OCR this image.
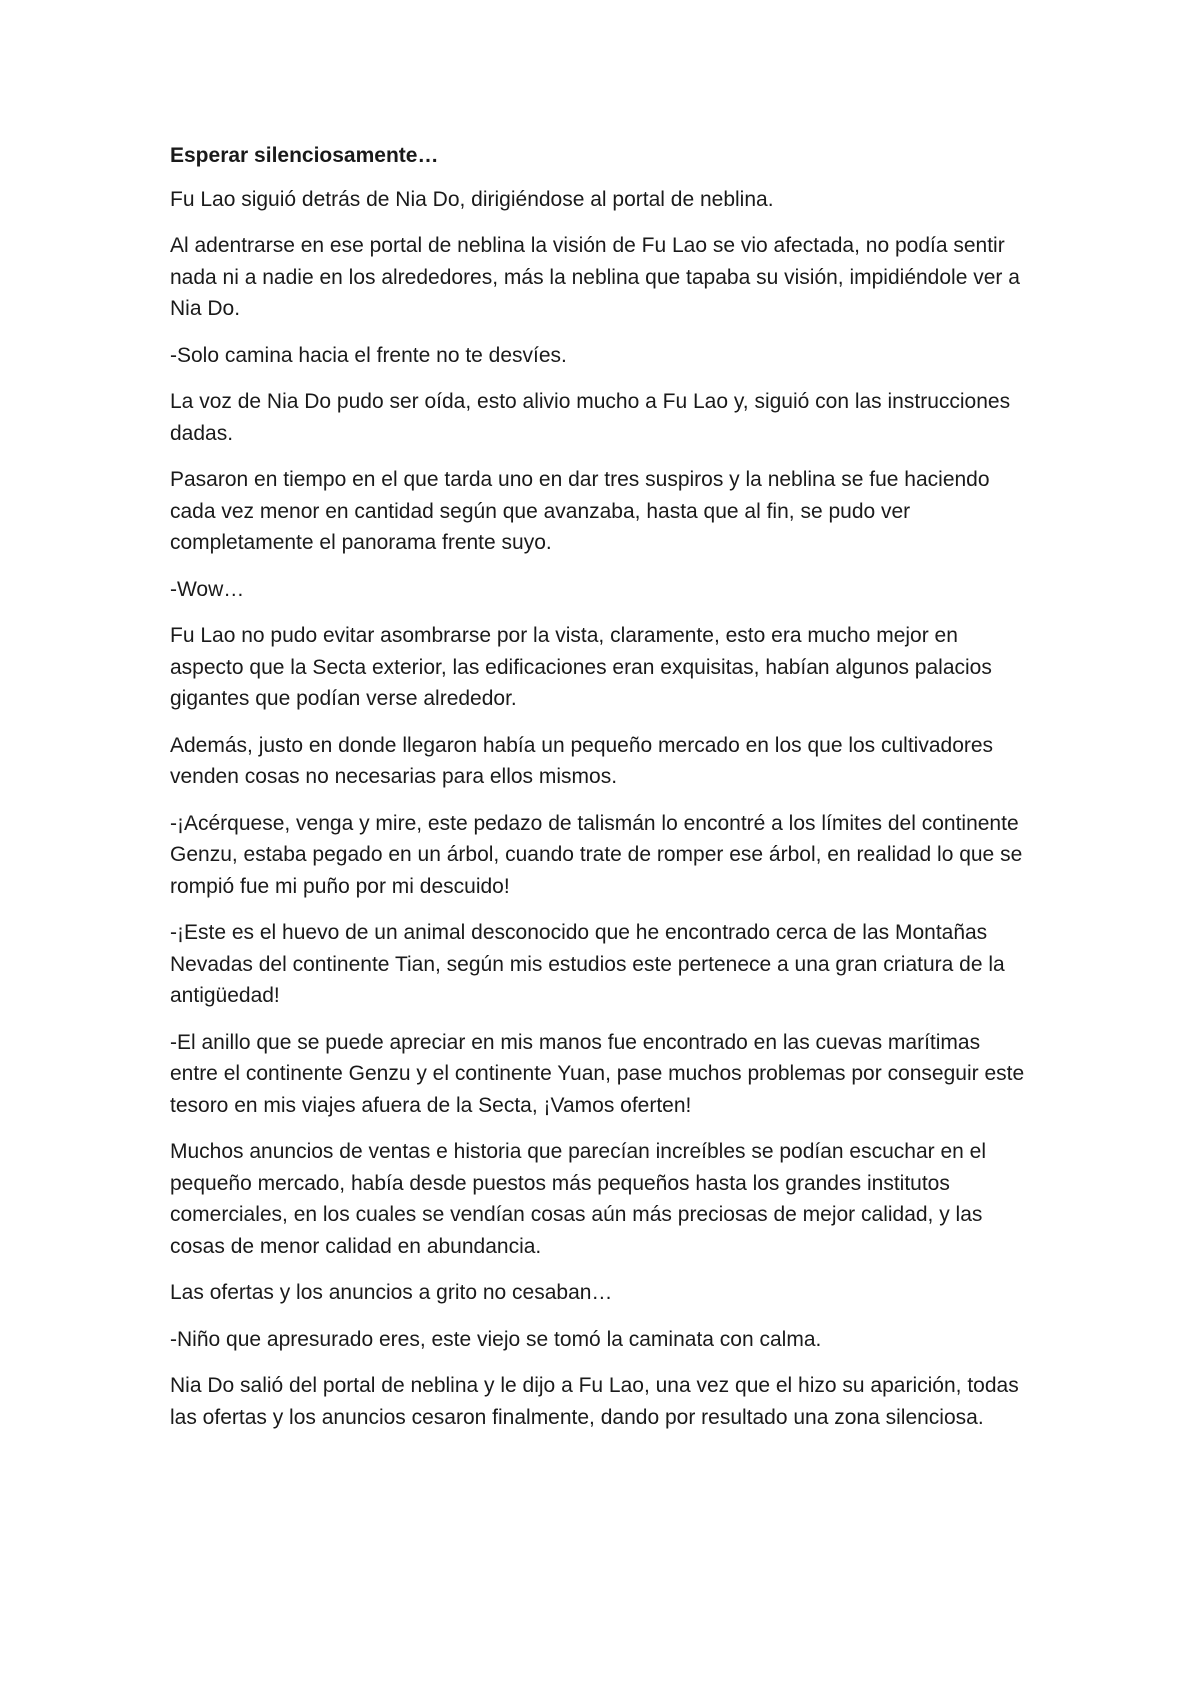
Esperar silenciosamente…

Fu Lao siguió detrás de Nia Do, dirigiéndose al portal de neblina.

Al adentrarse en ese portal de neblina la visión de Fu Lao se vio afectada, no podía sentir nada ni a nadie en los alrededores, más la neblina que tapaba su visión, impidiéndole ver a Nia Do.

-Solo camina hacia el frente no te desvíes.

La voz de Nia Do pudo ser oída, esto alivio mucho a Fu Lao y, siguió con las instrucciones dadas.

Pasaron en tiempo en el que tarda uno en dar tres suspiros y la neblina se fue haciendo cada vez menor en cantidad según que avanzaba, hasta que al fin, se pudo ver completamente el panorama frente suyo.

-Wow…

Fu Lao no pudo evitar asombrarse por la vista, claramente, esto era mucho mejor en aspecto que la Secta exterior, las edificaciones eran exquisitas, habían algunos palacios gigantes que podían verse alrededor.

Además, justo en donde llegaron había un pequeño mercado en los que los cultivadores venden cosas no necesarias para ellos mismos.

-¡Acérquese, venga y mire, este pedazo de talismán lo encontré a los límites del continente Genzu, estaba pegado en un árbol, cuando trate de romper ese árbol, en realidad lo que se rompió fue mi puño por mi descuido!

-¡Este es el huevo de un animal desconocido que he encontrado cerca de las Montañas Nevadas del continente Tian, según mis estudios este pertenece a una gran criatura de la antigüedad!

-El anillo que se puede apreciar en mis manos fue encontrado en las cuevas marítimas entre el continente Genzu y el continente Yuan, pase muchos problemas por conseguir este tesoro en mis viajes afuera de la Secta, ¡Vamos oferten!

Muchos anuncios de ventas e historia que parecían increíbles se podían escuchar en el pequeño mercado, había desde puestos más pequeños hasta los grandes institutos comerciales, en los cuales se vendían cosas aún más preciosas de mejor calidad, y las cosas de menor calidad en abundancia.

Las ofertas y los anuncios a grito no cesaban…

-Niño que apresurado eres, este viejo se tomó la caminata con calma.

Nia Do salió del portal de neblina y le dijo a Fu Lao, una vez que el hizo su aparición, todas las ofertas y los anuncios cesaron finalmente, dando por resultado una zona silenciosa.
